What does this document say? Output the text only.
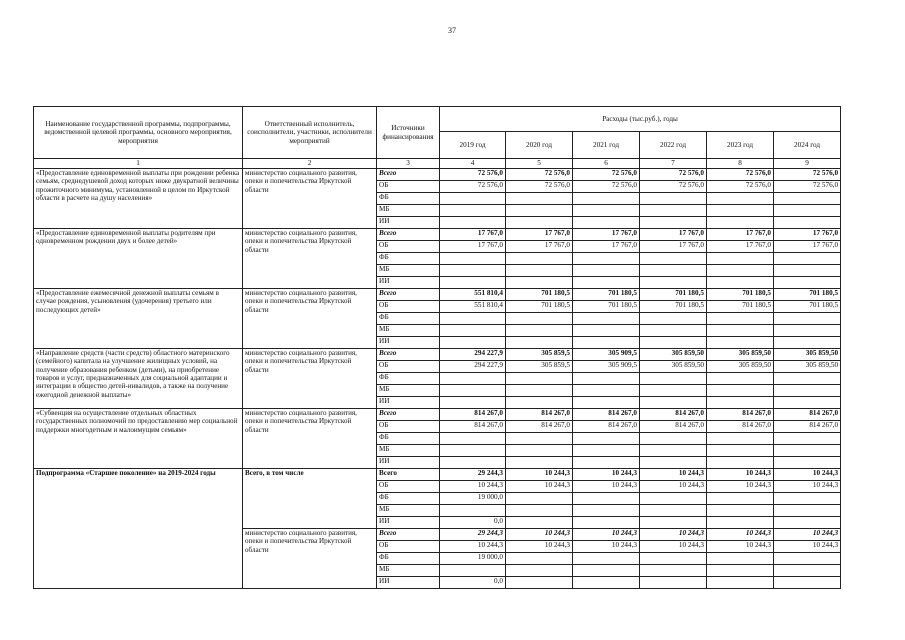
37
Наименование государственной программы, подпрограммы, ведомственной целевой программы, основного мероприятия, мероприятия	Ответственный исполнитель, соисполнители, участники, исполнители мероприятий	Источники финансирования	Расходы (тыс.руб.), годы					
			2019 год	2020 год	2021 год	2022 год	2023 год	2024 год
1	2	3	4	5	6	7	8	9
«Предоставление единовременной выплаты при рождении ребенка семьям, среднедушевой доход которых ниже двукратной величины прожиточного минимума, установленной в целом по Иркутской области в расчете на душу населения»	министерство социального развития, опеки и попечительства Иркутской области	Всего	72 576,0	72 576,0	72 576,0	72 576,0	72 576,0	72 576,0
		ОБ	72 576,0	72 576,0	72 576,0	72 576,0	72 576,0	72 576,0
		ФБ						
		МБ						
		ИИ						
«Предоставление единовременной выплаты родителям при одновременном рождении двух и более детей»	министерство социального развития, опеки и попечительства Иркутской области	Всего	17 767,0	17 767,0	17 767,0	17 767,0	17 767,0	17 767,0
		ОБ	17 767,0	17 767,0	17 767,0	17 767,0	17 767,0	17 767,0
		ФБ						
		МБ						
		ИИ						
«Предоставление ежемесячной денежной выплаты семьям в случае рождения, усыновления (удочерения) третьего или последующих детей»	министерство социального развития, опеки и попечительства Иркутской области	Всего	551 810,4	701 180,5	701 180,5	701 180,5	701 180,5	701 180,5
		ОБ	551 810,4	701 180,5	701 180,5	701 180,5	701 180,5	701 180,5
		ФБ						
		МБ						
		ИИ						
«Направление средств (части средств) областного материнского (семейного) капитала на улучшение жилищных условий, на получение образования ребенком (детьми), на приобретение товаров и услуг, предназначенных для социальной адаптации и интеграции в общество детей-инвалидов, а также на получение ежегодной денежной выплаты»	министерство социального развития, опеки и попечительства Иркутской области	Всего	294 227,9	305 859,5	305 909,5	305 859,50	305 859,50	305 859,50
		ОБ	294 227,9	305 859,5	305 909,5	305 859,50	305 859,50	305 859,50
		ФБ						
		МБ						
		ИИ						
«Субвенция на осуществление отдельных областных государственных полномочий по предоставлению мер социальной поддержки многодетным и малоимущим семьям»	министерство социального развития, опеки и попечительства Иркутской области	Всего	814 267,0	814 267,0	814 267,0	814 267,0	814 267,0	814 267,0
		ОБ	814 267,0	814 267,0	814 267,0	814 267,0	814 267,0	814 267,0
		ФБ						
		МБ						
		ИИ						
Подпрограмма «Старшее поколение» на 2019-2024 годы	Всего, в том числе	Всего	29 244,3	10 244,3	10 244,3	10 244,3	10 244,3	10 244,3
		ОБ	10 244,3	10 244,3	10 244,3	10 244,3	10 244,3	10 244,3
		ФБ	19 000,0					
		МБ						
		ИИ	0,0					
	министерство социального развития, опеки и попечительства Иркутской области	Всего	29 244,3	10 244,3	10 244,3	10 244,3	10 244,3	10 244,3
		ОБ	10 244,3	10 244,3	10 244,3	10 244,3	10 244,3	10 244,3
		ФБ	19 000,0					
		МБ						
		ИИ	0,0					
